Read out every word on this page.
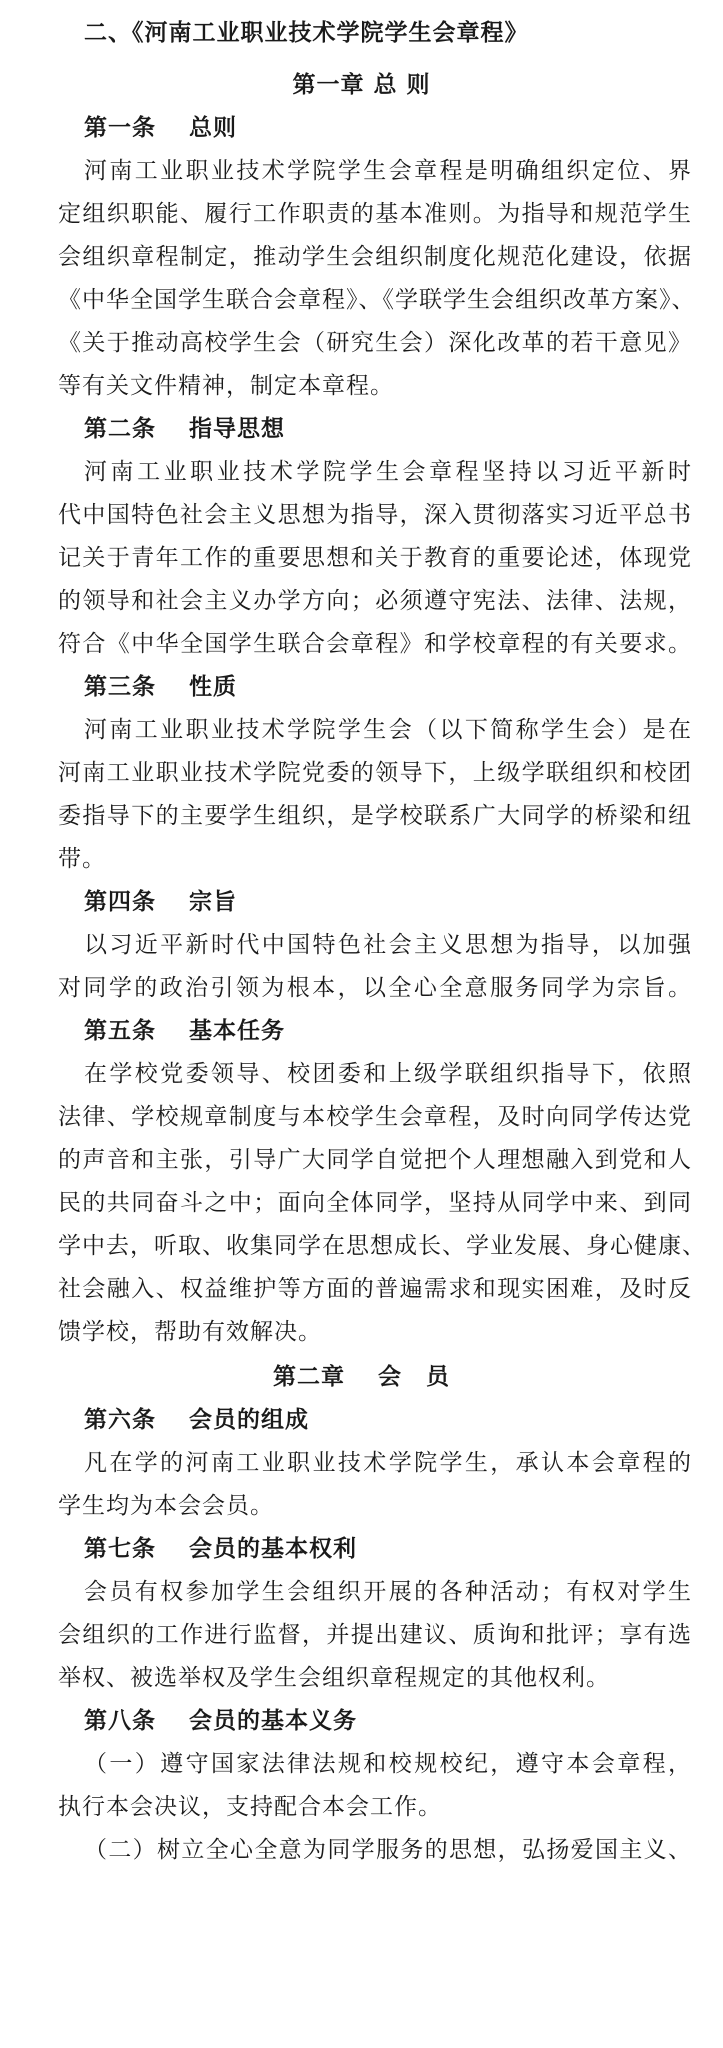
二、《河南工业职业技术学院学生会章程》
第一章 总 则
第一条　 总则
河南工业职业技术学院学生会章程是明确组织定位、界
定组织职能、履行工作职责的基本准则。为指导和规范学生
会组织章程制定，推动学生会组织制度化规范化建设，依据
《中华全国学生联合会章程》、《学联学生会组织改革方案》、
《关于推动高校学生会（研究生会）深化改革的若干意见》
等有关文件精神，制定本章程。
第二条　 指导思想
河南工业职业技术学院学生会章程坚持以习近平新时
代中国特色社会主义思想为指导，深入贯彻落实习近平总书
记关于青年工作的重要思想和关于教育的重要论述，体现党
的领导和社会主义办学方向；必须遵守宪法、法律、法规，
符合《中华全国学生联合会章程》和学校章程的有关要求。
第三条　 性质
河南工业职业技术学院学生会（以下简称学生会）是在
河南工业职业技术学院党委的领导下，上级学联组织和校团
委指导下的主要学生组织，是学校联系广大同学的桥梁和纽
带。
第四条　 宗旨
以习近平新时代中国特色社会主义思想为指导，以加强
对同学的政治引领为根本，以全心全意服务同学为宗旨。
第五条　 基本任务
在学校党委领导、校团委和上级学联组织指导下，依照
法律、学校规章制度与本校学生会章程，及时向同学传达党
的声音和主张，引导广大同学自觉把个人理想融入到党和人
民的共同奋斗之中；面向全体同学，坚持从同学中来、到同
学中去，听取、收集同学在思想成长、学业发展、身心健康、
社会融入、权益维护等方面的普遍需求和现实困难，及时反
馈学校，帮助有效解决。
第二章　 会　员
第六条　 会员的组成
凡在学的河南工业职业技术学院学生，承认本会章程的
学生均为本会会员。
第七条　 会员的基本权利
会员有权参加学生会组织开展的各种活动；有权对学生
会组织的工作进行监督，并提出建议、质询和批评；享有选
举权、被选举权及学生会组织章程规定的其他权利。
第八条　 会员的基本义务
（一）遵守国家法律法规和校规校纪，遵守本会章程，
执行本会决议，支持配合本会工作。
（二）树立全心全意为同学服务的思想，弘扬爱国主义、
